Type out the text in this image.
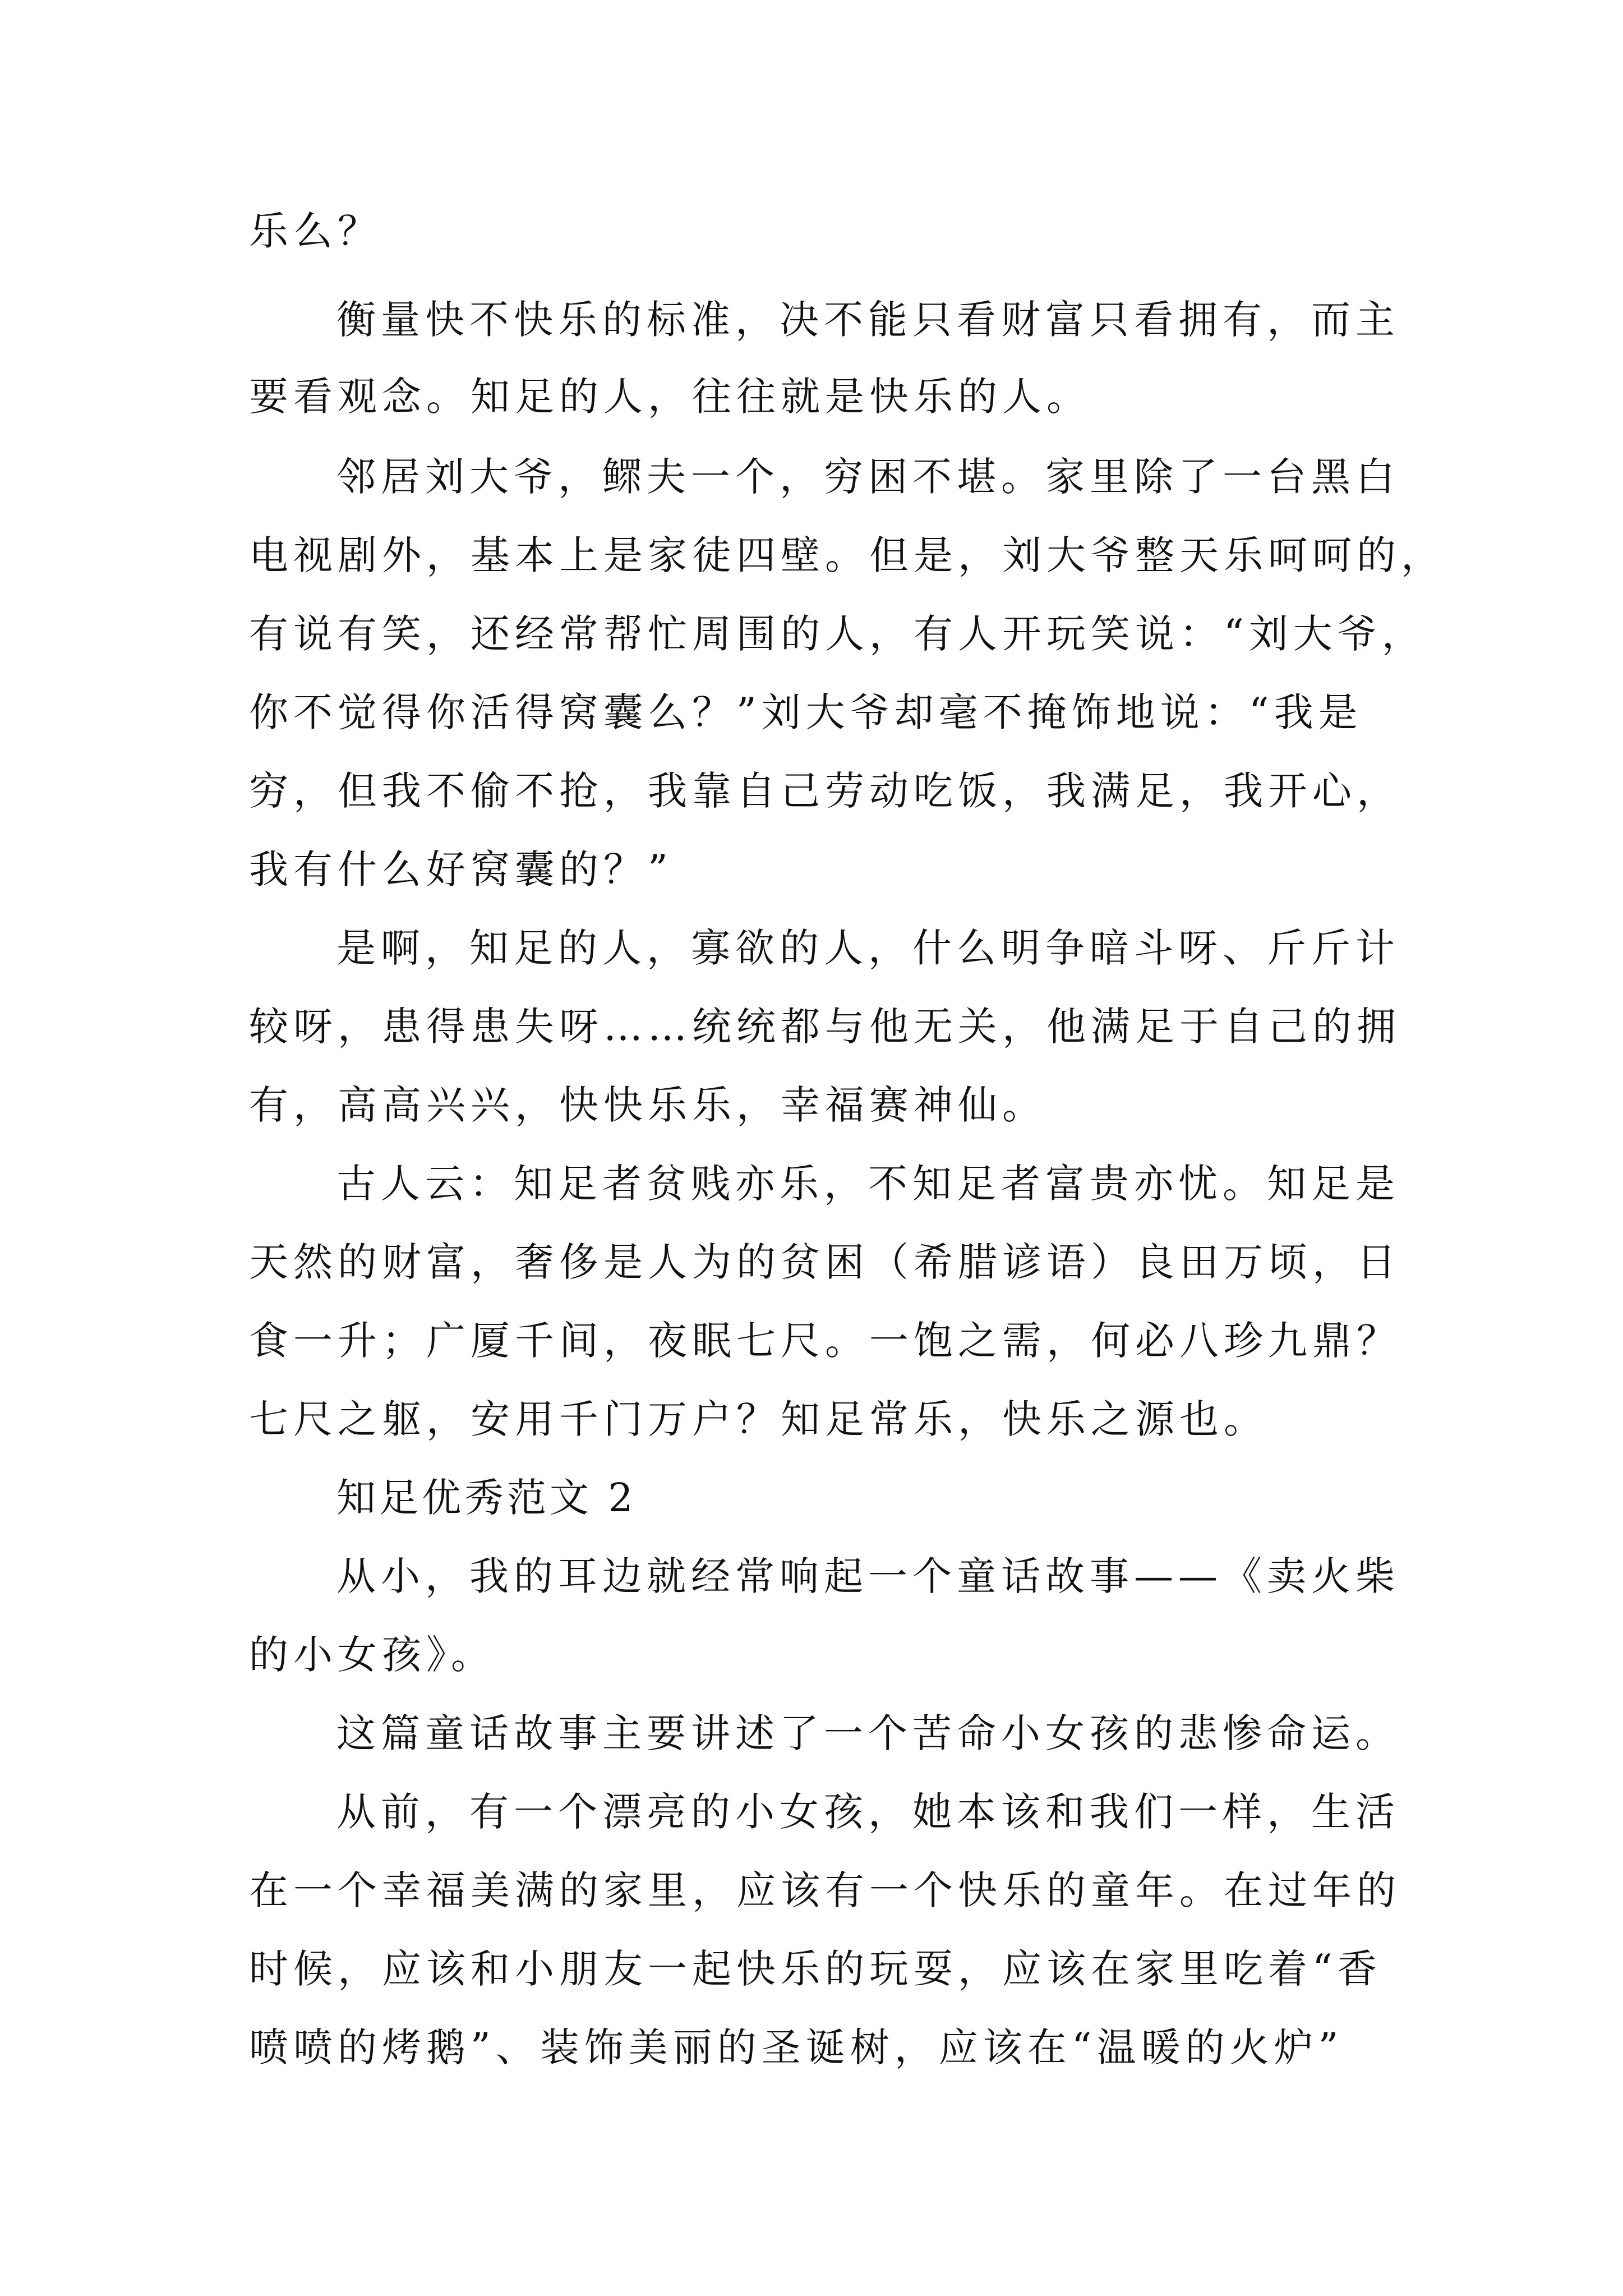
乐么？
衡量快不快乐的标准，决不能只看财富只看拥有，而主
要看观念。知足的人，往往就是快乐的人。
邻居刘大爷，鳏夫一个，穷困不堪。家里除了一台黑白
电视剧外，基本上是家徒四壁。但是，刘大爷整天乐呵呵的，
有说有笑，还经常帮忙周围的人，有人开玩笑说：“刘大爷，
你不觉得你活得窝囊么？”刘大爷却毫不掩饰地说：“我是
穷，但我不偷不抢，我靠自己劳动吃饭，我满足，我开心，
我有什么好窝囊的？”
是啊，知足的人，寡欲的人，什么明争暗斗呀、斤斤计
较呀，患得患失呀……统统都与他无关，他满足于自己的拥
有，高高兴兴，快快乐乐，幸福赛神仙。
古人云：知足者贫贱亦乐，不知足者富贵亦忧。知足是
天然的财富，奢侈是人为的贫困（希腊谚语）良田万顷，日
食一升；广厦千间，夜眠七尺。一饱之需，何必八珍九鼎？
七尺之躯，安用千门万户？知足常乐，快乐之源也。
知足优秀范文 2
从小，我的耳边就经常响起一个童话故事——《卖火柴
的小女孩》。
这篇童话故事主要讲述了一个苦命小女孩的悲惨命运。
从前，有一个漂亮的小女孩，她本该和我们一样，生活
在一个幸福美满的家里，应该有一个快乐的童年。在过年的
时候，应该和小朋友一起快乐的玩耍，应该在家里吃着“香
喷喷的烤鹅”、装饰美丽的圣诞树，应该在“温暖的火炉”
